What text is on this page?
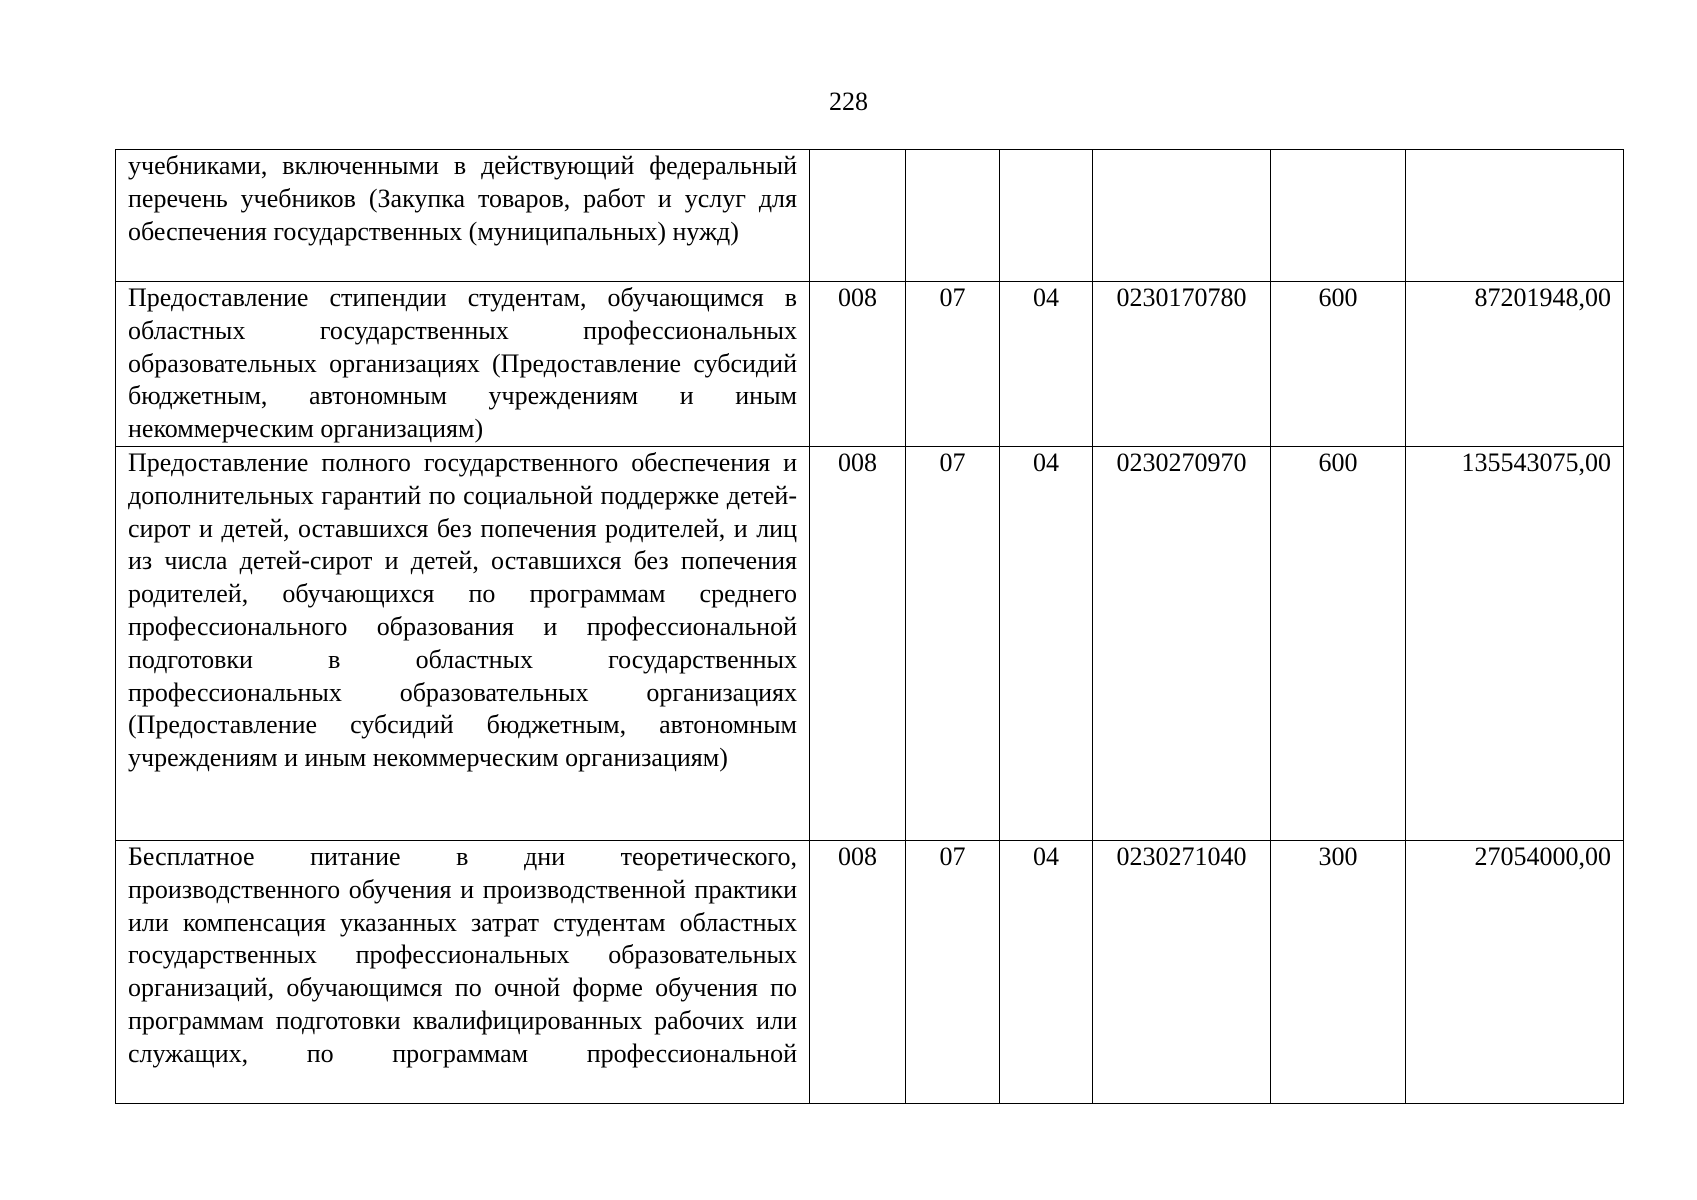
228
учебниками, включенными в действующий федеральный перечень учебников (Закупка товаров, работ и услуг для обеспечения государственных (муниципальных) нужд)						
Предоставление стипендии студентам, обучающимся в областных государственных профессиональных образовательных организациях (Предоставление субсидий бюджетным, автономным учреждениям и иным некоммерческим организациям)	008	07	04	0230170780	600	87201948,00
Предоставление полного государственного обеспечения и дополнительных гарантий по социальной поддержке детей-сирот и детей, оставшихся без попечения родителей, и лиц из числа детей-сирот и детей, оставшихся без попечения родителей, обучающихся по программам среднего профессионального образования и профессиональной подготовки в областных государственных профессиональных образовательных организациях (Предоставление субсидий бюджетным, автономным учреждениям и иным некоммерческим организациям)	008	07	04	0230270970	600	135543075,00
Бесплатное питание в дни теоретического, производственного обучения и производственной практики или компенсация указанных затрат студентам областных государственных профессиональных образовательных организаций, обучающимся по очной форме обучения по программам подготовки квалифицированных рабочих или служащих, по программам профессиональной	008	07	04	0230271040	300	27054000,00
